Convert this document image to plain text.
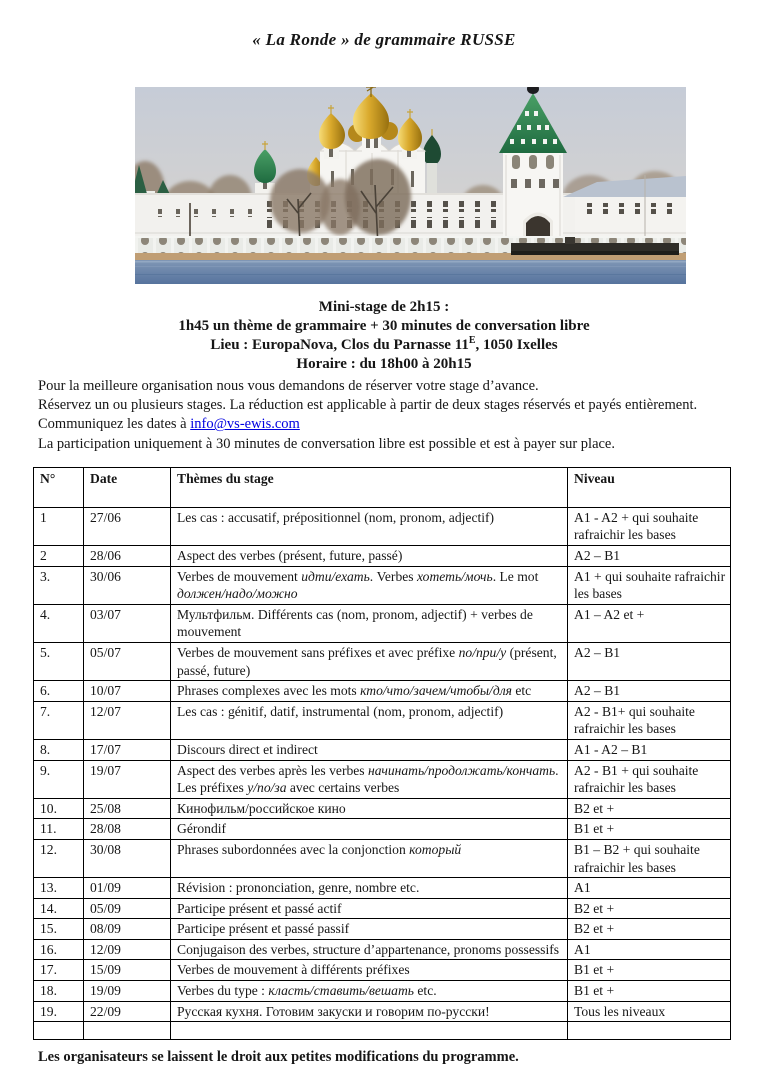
« La Ronde » de grammaire RUSSE
Mini-stage de 2h15 :
1h45 un thème de grammaire + 30 minutes de conversation libre
Lieu : EuropaNova, Clos du Parnasse $11^E$, 1050 Ixelles
Horaire : du 18h00 à 20h15

Pour la meilleure organisation nous vous demandons de réserver votre stage d’avance.

Réservez un ou plusieurs stages. La réduction est applicable à partir de deux stages réservés et payés entièrement. Communiquez les dates à info@vs-ewis.com

La participation uniquement à 30 minutes de conversation libre est possible et est à payer sur place.

N°	Date	Thèmes du stage	Niveau
1	27/06	Les cas : accusatif, prépositionnel (nom, pronom, adjectif)	A1 - A2 + qui souhaite rafraichir les bases
2	28/06	Aspect des verbes (présent, future, passé)	A2 – B1
3.	30/06	Verbes de mouvement идти/ехать. Verbes хотеть/мочь. Le mot должен/надо/можно	A1 + qui souhaite rafraichir les bases
4.	03/07	Мультфильм. Différents cas (nom, pronom, adjectif) + verbes de mouvement	A1 – A2 et +
5.	05/07	Verbes de mouvement sans préfixes et avec préfixe по/при/у (présent, passé, future)	A2 – B1
6.	10/07	Phrases complexes avec les mots кто/что/зачем/чтобы/для etc	A2 – B1
7.	12/07	Les cas : génitif, datif, instrumental (nom, pronom, adjectif)	A2 - B1+ qui souhaite rafraichir les bases
8.	17/07	Discours direct et indirect	A1 - A2 – B1
9.	19/07	Aspect des verbes après les verbes начинать/продолжать/кончать. Les préfixes у/по/за avec certains verbes	A2 - B1 + qui souhaite rafraichir les bases
10.	25/08	Кинофильм/российское кино	B2 et +
11.	28/08	Gérondif	B1 et +
12.	30/08	Phrases subordonnées avec la conjonction который	B1 – B2 + qui souhaite rafraichir les bases
13.	01/09	Révision : prononciation, genre, nombre etc.	A1
14.	05/09	Participe présent et passé actif	B2 et +
15.	08/09	Participe présent et passé passif	B2 et +
16.	12/09	Conjugaison des verbes, structure d’appartenance, pronoms possessifs	A1
17.	15/09	Verbes de mouvement à différents préfixes	B1 et +
18.	19/09	Verbes du type : класть/ставить/вешать etc.	B1 et +
19.	22/09	Русская кухня. Готовим закуски и говорим по-русски!	Tous les niveaux

Les organisateurs se laissent le droit aux petites modifications du programme.
